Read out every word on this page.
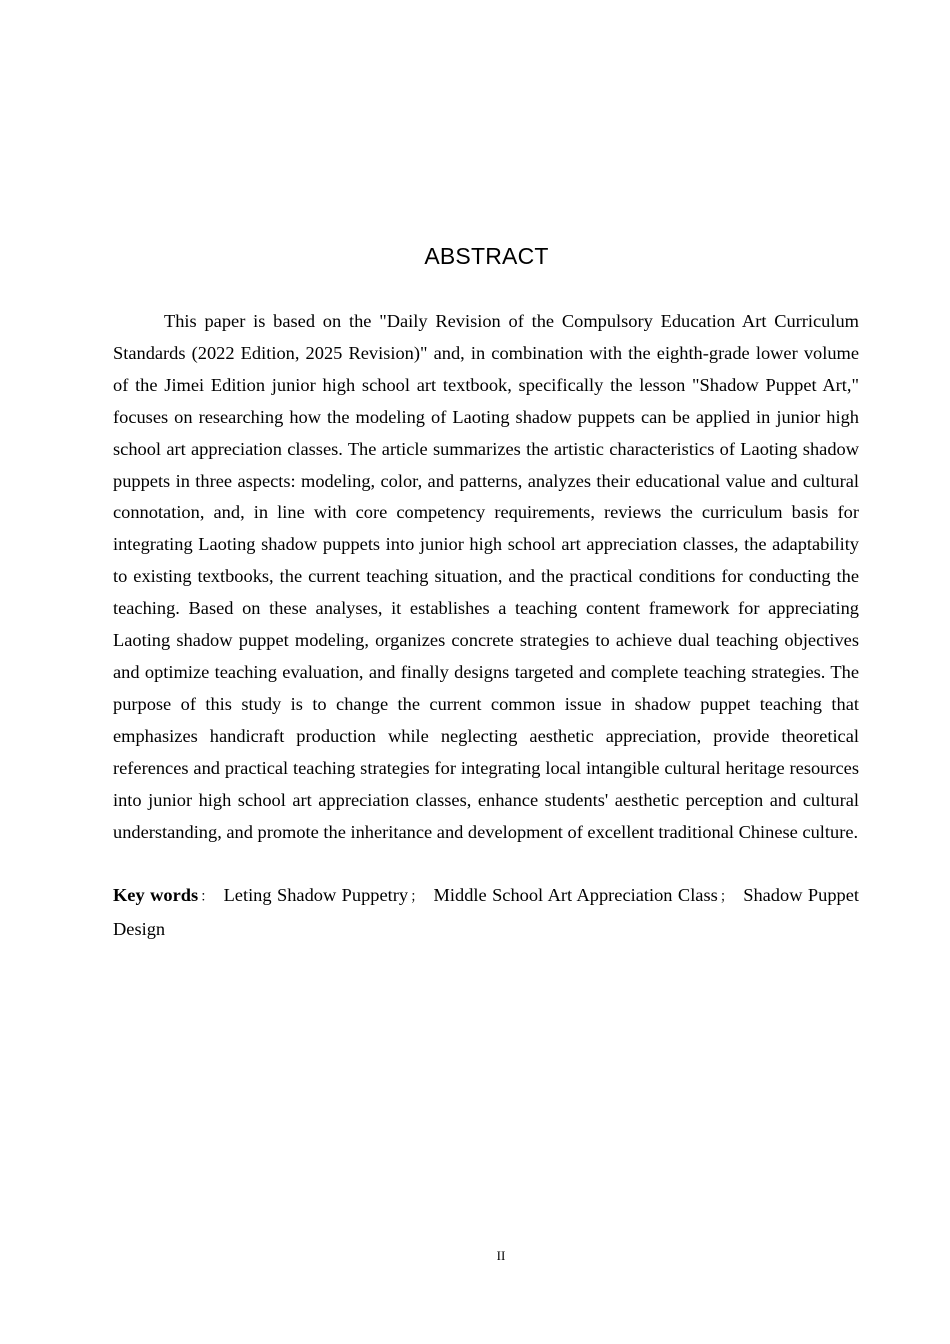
ABSTRACT

This paper is based on the "Daily Revision of the Compulsory Education Art Curriculum Standards (2022 Edition, 2025 Revision)" and, in combination with the eighth-grade lower volume of the Jimei Edition junior high school art textbook, specifically the lesson "Shadow Puppet Art," focuses on researching how the modeling of Laoting shadow puppets can be applied in junior high school art appreciation classes. The article summarizes the artistic characteristics of Laoting shadow puppets in three aspects: modeling, color, and patterns, analyzes their educational value and cultural connotation, and, in line with core competency requirements, reviews the curriculum basis for integrating Laoting shadow puppets into junior high school art appreciation classes, the adaptability to existing textbooks, the current teaching situation, and the practical conditions for conducting the teaching. Based on these analyses, it establishes a teaching content framework for appreciating Laoting shadow puppet modeling, organizes concrete strategies to achieve dual teaching objectives and optimize teaching evaluation, and finally designs targeted and complete teaching strategies. The purpose of this study is to change the current common issue in shadow puppet teaching that emphasizes handicraft production while neglecting aesthetic appreciation, provide theoretical references and practical teaching strategies for integrating local intangible cultural heritage resources into junior high school art appreciation classes, enhance students' aesthetic perception and cultural understanding, and promote the inheritance and development of excellent traditional Chinese culture.

Key words ： Leting Shadow Puppetry ； Middle School Art Appreciation Class ； Shadow Puppet Design

II
